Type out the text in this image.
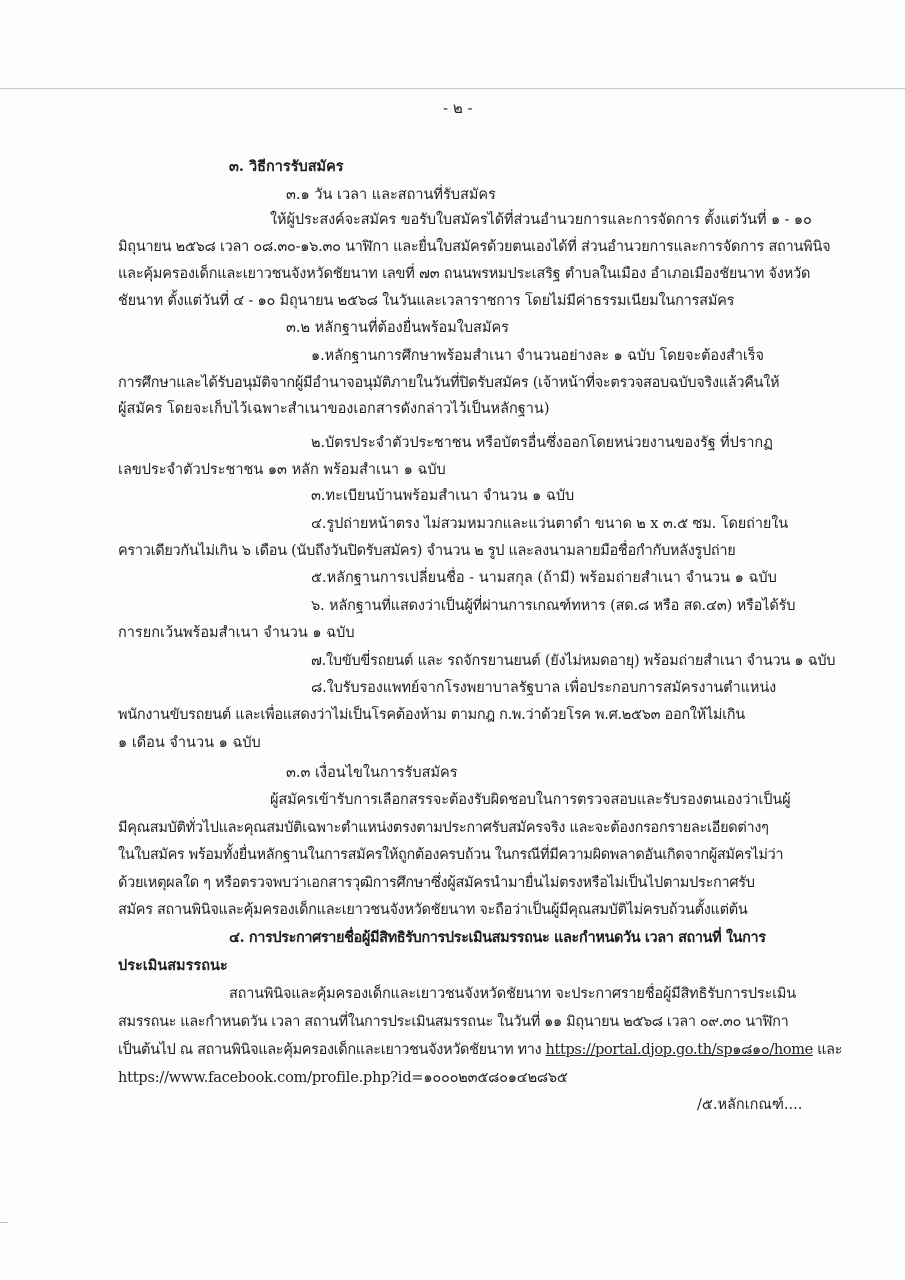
- ๒ -

๓. วิธีการรับสมัคร

๓.๑ วัน เวลา และสถานที่รับสมัคร

ให้ผู้ประสงค์จะสมัคร ขอรับใบสมัครได้ที่ส่วนอำนวยการและการจัดการ ตั้งแต่วันที่ ๑ - ๑๐

มิถุนายน ๒๕๖๘ เวลา ๐๘.๓๐-๑๖.๓๐ นาฬิกา และยื่นใบสมัครด้วยตนเองได้ที่ ส่วนอำนวยการและการจัดการ สถานพินิจ

และคุ้มครองเด็กและเยาวชนจังหวัดชัยนาท เลขที่ ๗๓ ถนนพรหมประเสริฐ ตำบลในเมือง อำเภอเมืองชัยนาท จังหวัด

ชัยนาท ตั้งแต่วันที่ ๔ - ๑๐ มิถุนายน ๒๕๖๘ ในวันและเวลาราชการ โดยไม่มีค่าธรรมเนียมในการสมัคร

๓.๒ หลักฐานที่ต้องยื่นพร้อมใบสมัคร

๑.หลักฐานการศึกษาพร้อมสำเนา จำนวนอย่างละ ๑ ฉบับ โดยจะต้องสำเร็จ

การศึกษาและได้รับอนุมัติจากผู้มีอำนาจอนุมัติภายในวันที่ปิดรับสมัคร (เจ้าหน้าที่จะตรวจสอบฉบับจริงแล้วคืนให้

ผู้สมัคร โดยจะเก็บไว้เฉพาะสำเนาของเอกสารดังกล่าวไว้เป็นหลักฐาน)

๒.บัตรประจำตัวประชาชน หรือบัตรอื่นซึ่งออกโดยหน่วยงานของรัฐ ที่ปรากฏ

เลขประจำตัวประชาชน ๑๓ หลัก พร้อมสำเนา ๑ ฉบับ

๓.ทะเบียนบ้านพร้อมสำเนา จำนวน ๑ ฉบับ

๔.รูปถ่ายหน้าตรง ไม่สวมหมวกและแว่นตาดำ ขนาด ๒ x ๓.๕ ซม. โดยถ่ายใน

คราวเดียวกันไม่เกิน ๖ เดือน (นับถึงวันปิดรับสมัคร) จำนวน ๒ รูป และลงนามลายมือชื่อกำกับหลังรูปถ่าย

๕.หลักฐานการเปลี่ยนชื่อ - นามสกุล (ถ้ามี) พร้อมถ่ายสำเนา จำนวน ๑ ฉบับ

๖. หลักฐานที่แสดงว่าเป็นผู้ที่ผ่านการเกณฑ์ทหาร (สด.๘ หรือ สด.๔๓) หรือได้รับ

การยกเว้นพร้อมสำเนา จำนวน ๑ ฉบับ

๗.ใบขับขี่รถยนต์ และ รถจักรยานยนต์ (ยังไม่หมดอายุ) พร้อมถ่ายสำเนา จำนวน ๑ ฉบับ

๘.ใบรับรองแพทย์จากโรงพยาบาลรัฐบาล เพื่อประกอบการสมัครงานตำแหน่ง

พนักงานขับรถยนต์ และเพื่อแสดงว่าไม่เป็นโรคต้องห้าม ตามกฎ ก.พ.ว่าด้วยโรค พ.ศ.๒๕๖๓ ออกให้ไม่เกิน

๑ เดือน จำนวน ๑ ฉบับ

๓.๓ เงื่อนไขในการรับสมัคร

ผู้สมัครเข้ารับการเลือกสรรจะต้องรับผิดชอบในการตรวจสอบและรับรองตนเองว่าเป็นผู้

มีคุณสมบัติทั่วไปและคุณสมบัติเฉพาะตำแหน่งตรงตามประกาศรับสมัครจริง และจะต้องกรอกรายละเอียดต่างๆ

ในใบสมัคร พร้อมทั้งยื่นหลักฐานในการสมัครให้ถูกต้องครบถ้วน ในกรณีที่มีความผิดพลาดอันเกิดจากผู้สมัครไม่ว่า

ด้วยเหตุผลใด ๆ หรือตรวจพบว่าเอกสารวุฒิการศึกษาซึ่งผู้สมัครนำมายื่นไม่ตรงหรือไม่เป็นไปตามประกาศรับ

สมัคร สถานพินิจและคุ้มครองเด็กและเยาวชนจังหวัดชัยนาท จะถือว่าเป็นผู้มีคุณสมบัติไม่ครบถ้วนตั้งแต่ต้น

๔. การประกาศรายชื่อผู้มีสิทธิรับการประเมินสมรรถนะ และกำหนดวัน เวลา สถานที่ ในการ

ประเมินสมรรถนะ

สถานพินิจและคุ้มครองเด็กและเยาวชนจังหวัดชัยนาท จะประกาศรายชื่อผู้มีสิทธิรับการประเมิน

สมรรถนะ และกำหนดวัน เวลา สถานที่ในการประเมินสมรรถนะ ในวันที่ ๑๑ มิถุนายน ๒๕๖๘ เวลา ๐๙.๓๐ นาฬิกา

เป็นต้นไป ณ สถานพินิจและคุ้มครองเด็กและเยาวชนจังหวัดชัยนาท ทาง https://portal.djop.go.th/sp๑๘๑๐/home และ

https://www.facebook.com/profile.php?id=๑๐๐๐๒๓๕๘๐๑๔๒๘๖๕

/๕.หลักเกณฑ์....
